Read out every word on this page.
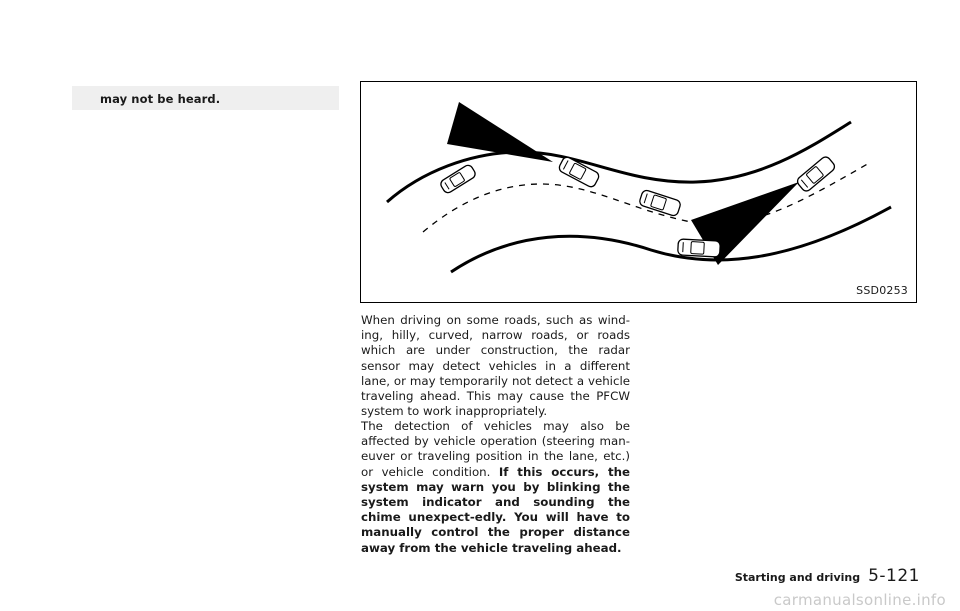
may not be heard.
SSD0253

When driving on some roads, such as wind-ing, hilly, curved, narrow roads, or roads which are under construction, the radar sensor may detect vehicles in a different lane, or may temporarily not detect a vehicle traveling ahead. This may cause the PFCW system to work inappropriately.

The detection of vehicles may also be affected by vehicle operation (steering man-euver or traveling position in the lane, etc.) or vehicle condition. If this occurs, the system may warn you by blinking the system indicator and sounding the chime unexpect-edly. You will have to manually control the proper distance away from the vehicle traveling ahead.

Starting and driving 5-121
carmanualsonline.info
